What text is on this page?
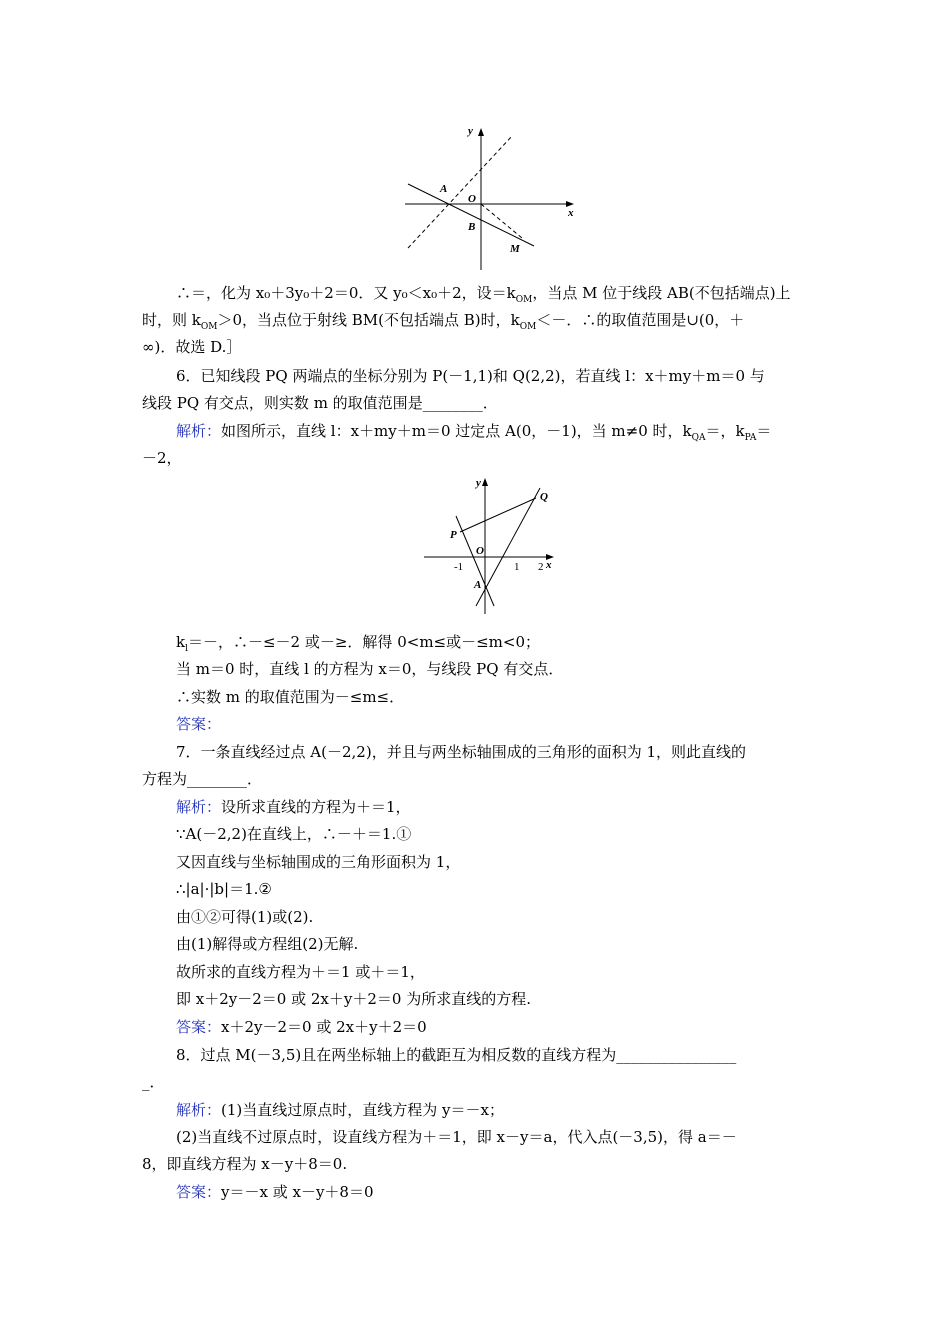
y
x
A
O
B
M
∴＝，化为 x₀＋3y₀＋2＝0．又 y₀＜x₀＋2，设$=k_{OM}$，当点 M 位于线段 AB(不包括端点)上
时，则 $k_{OM}>0$，当点位于射线 BM(不包括端点 B)时，$k_{OM}<-$．∴的取值范围是∪(0，＋
∞)．故选 D.］
6．已知线段 PQ 两端点的坐标分别为 P(－1,1)和 Q(2,2)，若直线 l：x＋my＋m＝0 与
线段 PQ 有交点，则实数 m 的取值范围是________．
解析：如图所示，直线 l：x＋my＋m＝0 过定点 A(0，－1)，当 m≠0 时，$k_{QA}=$，$k_{PA}=$
－2，
y
x
Q
P
O
A
-1	1 2
$k_l=-$，∴－≤－2 或－≥．解得 0<m≤或－≤m<0；
当 m＝0 时，直线 l 的方程为 x＝0，与线段 PQ 有交点．
∴实数 m 的取值范围为－≤m≤．
答案：
7．一条直线经过点 A(－2,2)，并且与两坐标轴围成的三角形的面积为 1，则此直线的
方程为________．
解析：设所求直线的方程为＋＝1，
∵A(－2,2)在直线上，∴－＋＝1.①
又因直线与坐标轴围成的三角形面积为 1，
∴|a|·|b|＝1.②
由①②可得(1)或(2).
由(1)解得或方程组(2)无解.
故所求的直线方程为＋＝1 或＋＝1，
即 x＋2y－2＝0 或 2x＋y＋2＝0 为所求直线的方程.
答案：x＋2y－2＝0 或 2x＋y＋2＝0
8．过点 M(－3,5)且在两坐标轴上的截距互为相反数的直线方程为________________
_．
解析：(1)当直线过原点时，直线方程为 y＝－x；
(2)当直线不过原点时，设直线方程为＋＝1，即 x－y＝a，代入点(－3,5)，得 a＝－
8，即直线方程为 x－y＋8＝0.
答案：y＝－x 或 x－y＋8＝0
